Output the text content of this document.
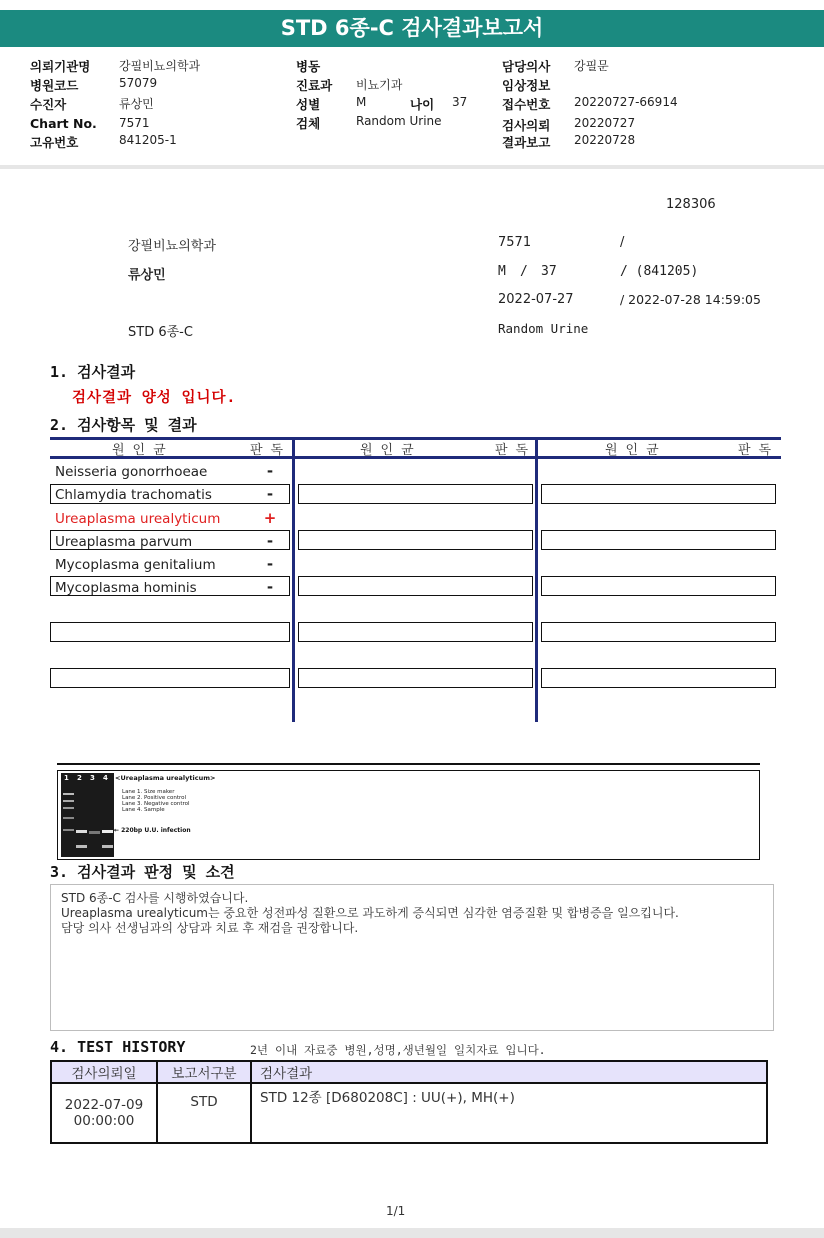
STD 6종-C 검사결과보고서
의뢰기관명 강필비뇨의학과
병원코드	57079
수진자	류상민
Chart No. 7571
고유번호	841205-1
병동
진료과 비뇨기과
성별	M	나이 37
검체	Random Urine
담당의사 강필문
임상정보
접수번호 20220727-66914
검사의뢰 20220727
결과보고 20220728
128306
강필비뇨의학과	7571	/
류상민	M / 37	/ (841205)
2022-07-27	/ 2022-07-28 14:59:05
STD 6종-C	Random Urine
1. 검사결과
검사결과 양성 입니다.
2. 검사항목 및 결과
원인균	판독	원인균	판독	원인균	판독
Neisseria gonorrhoeae	-
Chlamydia trachomatis	-
Ureaplasma urealyticum	+
Ureaplasma parvum	-
Mycoplasma genitalium	-
Mycoplasma hominis	-
1 2 3 4 <Ureaplasma urealyticum>
Lane 1. Size maker
Lane 2. Positive control
Lane 3. Negative control
Lane 4. Sample
← 220bp U.U. infection
3. 검사결과 판정 및 소견
STD 6종-C 검사를 시행하였습니다.
Ureaplasma urealyticum는 중요한 성전파성 질환으로 과도하게 증식되면 심각한 염증질환 및 합병증을 일으킵니다.
담당 의사 선생님과의 상담과 치료 후 재검을 권장합니다.
4. TEST HISTORY	2년 이내 자료중 병원,성명,생년월일 일치자료 입니다.
검사의뢰일	보고서구분	검사결과

2022-07-09
00:00:00	STD	STD 12종 [D680208C] : UU(+), MH(+)
1/1
